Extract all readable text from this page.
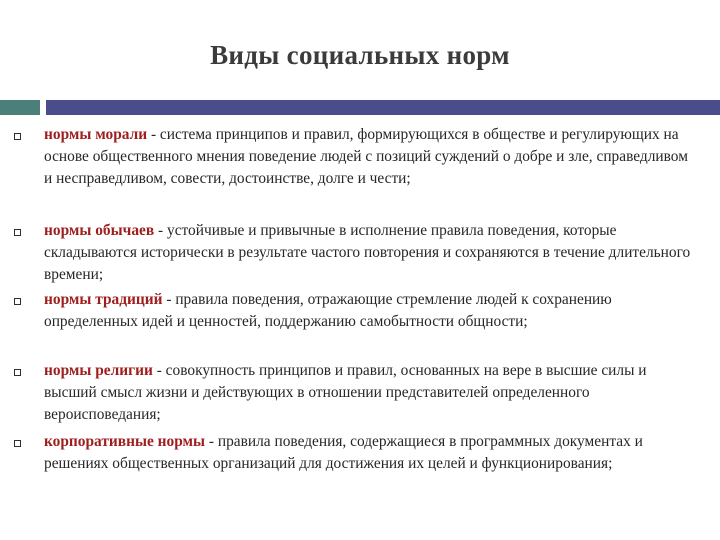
Виды социальных норм
нормы морали - система принципов и правил, формирующихся в обществе и регулирующих на основе общественного мнения поведение людей с позиций суждений о добре и зле, справедливом и несправедливом, совести, достоинстве, долге и чести;
нормы обычаев - устойчивые и привычные в исполнение правила поведения, которые складываются исторически в результате частого повторения и сохраняются в течение длительного времени;
нормы традиций - правила поведения, отражающие стремление людей к сохранению определенных идей и ценностей, поддержанию самобытности общности;
нормы религии - совокупность принципов и правил, основанных на вере в высшие силы и высший смысл жизни и действующих в отношении представителей определенного вероисповедания;
корпоративные нормы - правила поведения, содержащиеся в программных документах и решениях общественных организаций для достижения их целей и функционирования;
